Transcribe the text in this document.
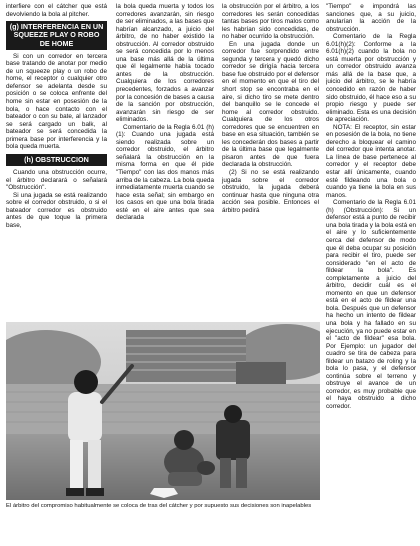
interfiere con el cátcher que está devolviendo la bola al pitcher.

(g) INTERFERENCIA EN UN SQUEEZE PLAY O ROBO DE HOME

Si con un corredor en tercera base tratando de anotar por medio de un squeeze play o un robo de home, el receptor o cualquier otro defensor se adelanta desde su posición o se coloca enfrente del home sin estar en posesión de la bola, o hace contacto con el bateador o con su bate, al lanzador se será cargado un balk, al bateador se será concedida la primera base por interferencia y la bola queda muerta.

(h) OBSTRUCCION

Cuando una obstrucción ocurre, el árbitro declarará o señalará "Obstrucción".

Si una jugada se está realizando sobre el corredor obstruido, o si el bateador corredor es obstruido antes de que toque la primera base,

la bola queda muerta y todos los corredores avanzarán, sin riesgo de ser eliminados, a las bases que habrían alcanzado, a juicio del árbitro, de no haber existido la obstrucción. Al corredor obstruido se será concedida por lo menos una base más allá de la última que él legalmente había tocado antes de la obstrucción. Cualquiera de los corredores precedentes, forzados a avanzar por la concesión de bases a causa de la sanción por obstrucción, avanzarán sin riesgo de ser eliminados.

Comentario de la Regla 6.01 (h) (1): Cuando una jugada está siendo realizada sobre un corredor obstruido, el árbitro señalará la obstrucción en la misma forma en que él pide "Tiempo" con las dos manos más arriba de la cabeza. La bola queda inmediatamente muerta cuando se hace esta señal; sin embargo en los casos en que una bola tirada esté en el aire antes que sea declarada

la obstrucción por el árbitro, a los corredores les serán concedidas tantas bases por tiros malos como les habrían sido concedidas, de no haber ocurrido la obstrucción.

En una jugada donde un corredor fue sorprendido entre segunda y tercera y quedó dicho corredor se dirigía hacia tercera base fue obstruido por el defensor en el momento en que el tiro del short stop se encontraba en el aire, si dicho tiro se mete dentro del banquillo se le concede el home al corredor obstruido. Cualquiera de los otros corredores que se encuentren en base en esa situación, también se les concederán dos bases a partir de la última base que legalmente pisaron antes de que fuera declarada la obstrucción.

(2) Si no se está realizando jugada sobre el corredor obstruido, la jugada deberá continuar hasta que ninguna otra acción sea posible. Entonces el árbitro pedirá

"Tiempo" e impondrá las sanciones que, a su juicio, anularían la acción de la obstrucción.

Comentario de la Regla 6.01(h)(2): Conforme a la 6.01(h)(2) cuando la bola no está muerta por obstrucción y un corredor obstruido avanza más allá de la base que, a juicio del árbitro, se le habría concedido en razón de haber sido obstruido, él hace eso a su propio riesgo y puede ser eliminado. Esta es una decisión de apreciación.

NOTA: El receptor, sin estar en posesión de la bola, no tiene derecho a bloquear el camino del corredor que intenta anotar. La línea de base pertenece al corredor y el receptor debe estar allí únicamente, cuando esté fildeando una bola o cuando ya tiene la bola en sus manos.

Comentario de la Regla 6.01 (h) (Obstrucción): Si un defensor está a punto de recibir una bola tirada y la bola está en el aire y lo suficientemente cerca del defensor de modo que él deba ocupar su posición para recibir el tiro, puede ser considerado "en el acto de fildear la bola". Es completamente a juicio del árbitro, decidir cuál es el momento en que un defensor está en el acto de fildear una bola. Después que un defensor ha hecho un intento de fildear una bola y ha fallado en su ejecución, ya no puede estar en el "acto de fildear" esa bola. Por Ejemplo: un jugador del cuadro se tira de cabeza para fildear un batazo de roling y la bola lo pasa, y el defensor continúa sobre el terreno y obstruye el avance de un corredor, es muy probable que el haya obstruido a dicho corredor.

El árbitro del compromiso habitualmente se coloca de tras del cátcher y por supuesto sus decisiones son inapelables
